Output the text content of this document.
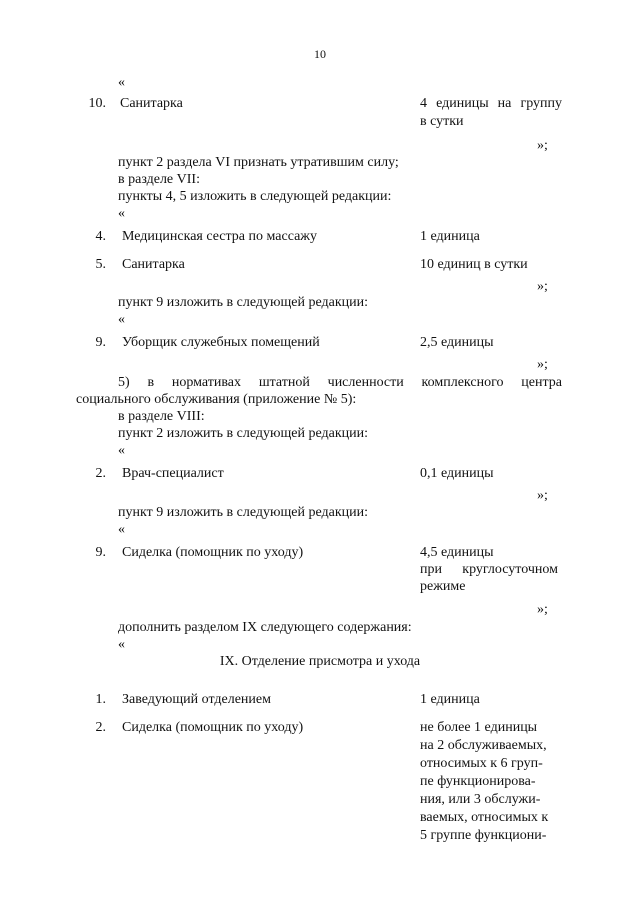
10
«
10. Санитарка	4 единицы на группу
в сутки
»;
пункт 2 раздела VI признать утратившим силу;
в разделе VII:
пункты 4, 5 изложить в следующей редакции:
«
4. Медицинская сестра по массажу	1 единица
5. Санитарка	10 единиц в сутки
»;
пункт 9 изложить в следующей редакции:
«
9. Уборщик служебных помещений	2,5 единицы
»;
5) в нормативах штатной численности комплексного центра
социального обслуживания (приложение № 5):
в разделе VIII:
пункт 2 изложить в следующей редакции:
«
2. Врач-специалист	0,1 единицы
»;
пункт 9 изложить в следующей редакции:
«
9. Сиделка (помощник по уходу)	4,5 единицы
при круглосуточном
режиме
»;
дополнить разделом IX следующего содержания:
«
IX. Отделение присмотра и ухода
1. Заведующий отделением	1 единица
2. Сиделка (помощник по уходу)	не более 1 единицы
на 2 обслуживаемых,
относимых к 6 груп-
пе функционирова-
ния, или 3 обслужи-
ваемых, относимых к
5 группе функциони-
